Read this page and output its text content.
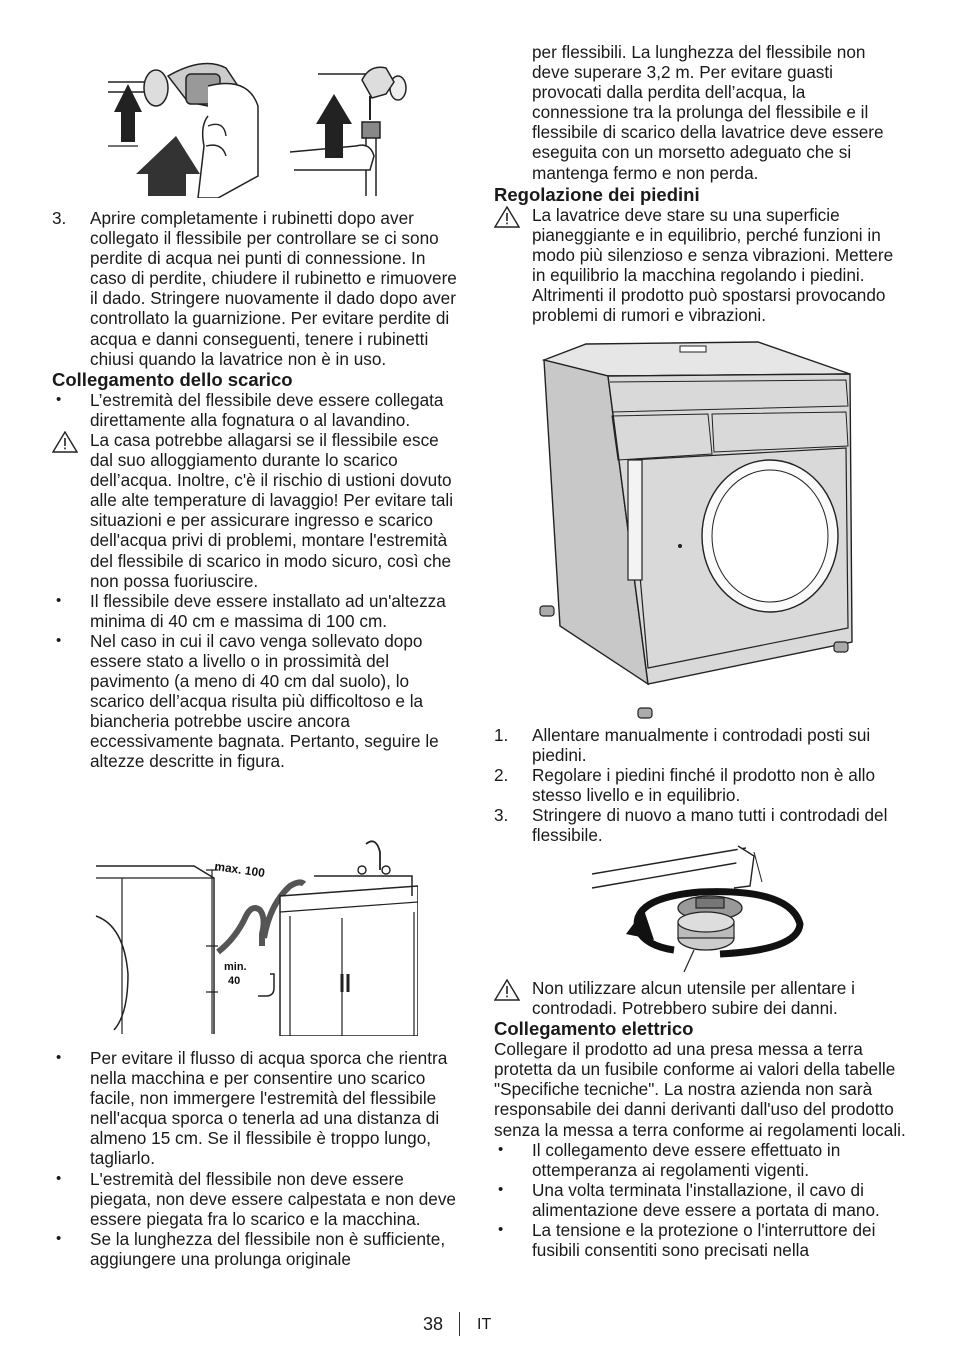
3.	Aprire completamente i rubinetti dopo aver collegato il flessibile per controllare se ci sono perdite di acqua nei punti di connessione. In caso di perdite, chiudere il rubinetto e rimuovere il dado. Stringere nuovamente il dado dopo aver controllato la guarnizione. Per evitare perdite di acqua e danni conseguenti, tenere i rubinetti chiusi quando la lavatrice non è in uso.

Collegamento dello scarico
•	L’estremità del flessibile deve essere collegata direttamente alla fognatura o al lavandino.

La casa potrebbe allagarsi se il flessibile esce dal suo alloggiamento durante lo scarico dell’acqua. Inoltre, c'è il rischio di ustioni dovuto alle alte temperature di lavaggio! Per evitare tali situazioni e per assicurare ingresso e scarico dell'acqua privi di problemi, montare l'estremità del flessibile di scarico in modo sicuro, così che non possa fuoriuscire.

•	Il flessibile deve essere installato ad un'altezza minima di 40 cm e massima di 100 cm.

•	Nel caso in cui il cavo venga sollevato dopo essere stato a livello o in prossimità del pavimento (a meno di 40 cm dal suolo), lo scarico dell’acqua risulta più difficoltoso e la biancheria potrebbe uscire ancora eccessivamente bagnata. Pertanto, seguire le altezze descritte in figura.

max. 100
min.
40
•	Per evitare il flusso di acqua sporca che rientra nella macchina e per consentire uno scarico facile, non immergere l'estremità del flessibile nell'acqua sporca o tenerla ad una distanza di almeno 15 cm. Se il flessibile è troppo lungo, tagliarlo.

•	L'estremità del flessibile non deve essere piegata, non deve essere calpestata e non deve essere piegata fra lo scarico e la macchina.

•	Se la lunghezza del flessibile non è sufficiente, aggiungere una prolunga originale

per flessibili. La lunghezza del flessibile non deve superare 3,2 m. Per evitare guasti provocati dalla perdita dell’acqua, la connessione tra la prolunga del flessibile e il flessibile di scarico della lavatrice deve essere eseguita con un morsetto adeguato che si mantenga fermo e non perda.

Regolazione dei piedini

La lavatrice deve stare su una superficie pianeggiante e in equilibrio, perché funzioni in modo più silenzioso e senza vibrazioni. Mettere in equilibrio la macchina regolando i piedini. Altrimenti il prodotto può spostarsi provocando problemi di rumori e vibrazioni.

1.	Allentare manualmente i controdadi posti sui piedini.

2.	Regolare i piedini finché il prodotto non è allo stesso livello e in equilibrio.

3.	Stringere di nuovo a mano tutti i controdadi del flessibile.

Non utilizzare alcun utensile per allentare i controdadi. Potrebbero subire dei danni.

Collegamento elettrico

Collegare il prodotto ad una presa messa a terra protetta da un fusibile conforme ai valori della tabelle "Specifiche tecniche". La nostra azienda non sarà responsabile dei danni derivanti dall'uso del prodotto senza la messa a terra conforme ai regolamenti locali.

•	Il collegamento deve essere effettuato in ottemperanza ai regolamenti vigenti.

•	Una volta terminata l'installazione, il cavo di alimentazione deve essere a portata di mano.

•	La tensione e la protezione o l'interruttore dei fusibili consentiti sono precisati nella

38 IT
